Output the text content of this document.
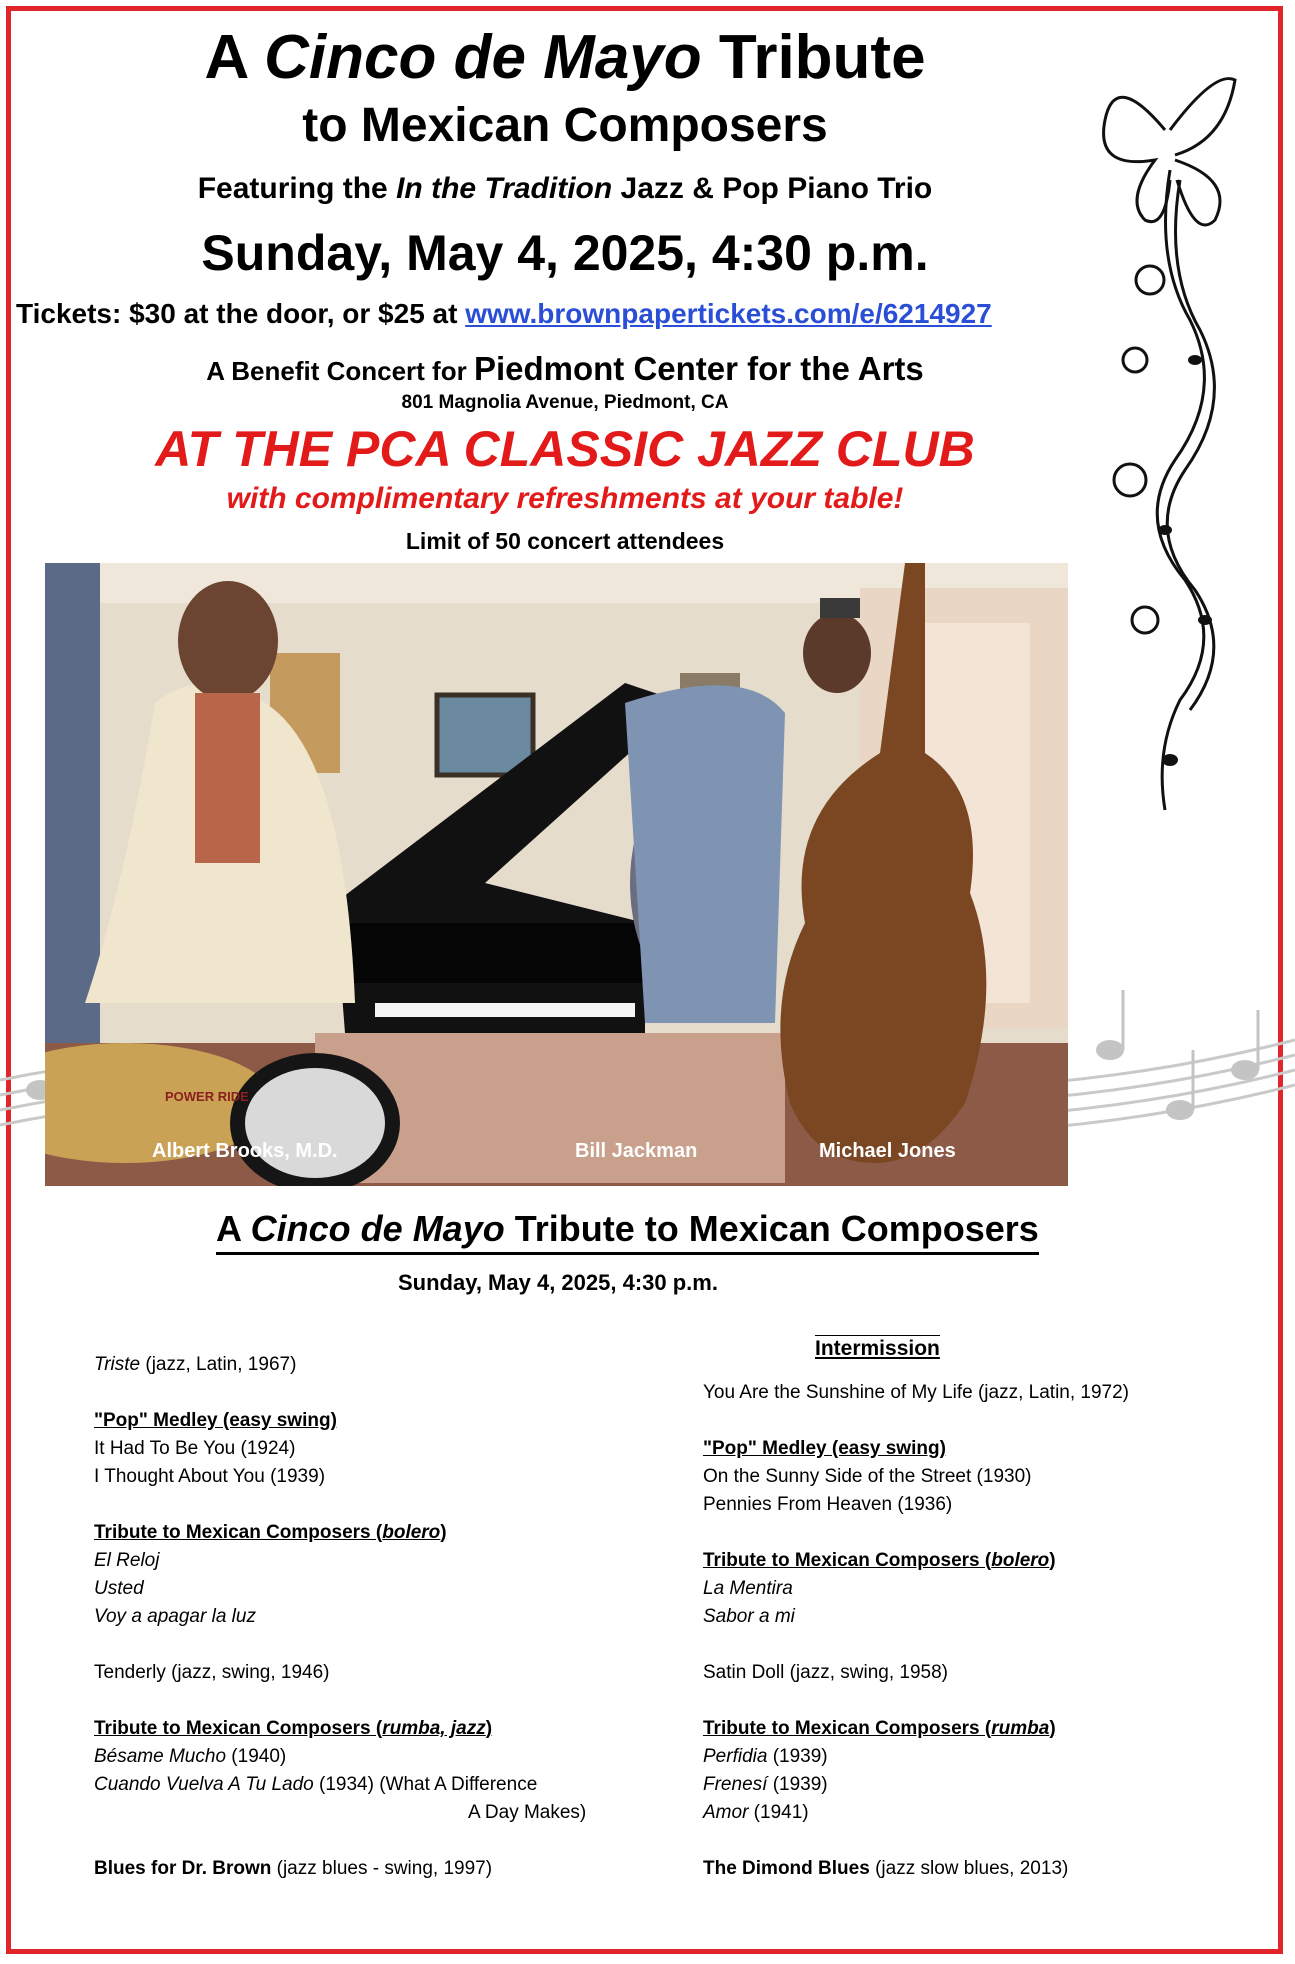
A Cinco de Mayo Tribute
to Mexican Composers
Featuring the In the Tradition Jazz & Pop Piano Trio
Sunday, May 4, 2025, 4:30 p.m.
Tickets: $30 at the door, or $25 at www.brownpapertickets.com/e/6214927
A Benefit Concert for Piedmont Center for the Arts
801 Magnolia Avenue, Piedmont, CA
AT THE PCA CLASSIC JAZZ CLUB
with complimentary refreshments at your table!
Limit of 50 concert attendees
POWER RIDE
Albert Brooks, M.D.	Bill Jackman	Michael Jones
A Cinco de Mayo Tribute to Mexican Composers
Sunday, May 4, 2025, 4:30 p.m.
Triste (jazz, Latin, 1967)
"Pop" Medley (easy swing)
It Had To Be You (1924)
I Thought About You (1939)
Tribute to Mexican Composers (bolero)
El Reloj
Usted
Voy a apagar la luz
Tenderly (jazz, swing, 1946)
Tribute to Mexican Composers (rumba, jazz)
Bésame Mucho (1940)
Cuando Vuelva A Tu Lado (1934) (What A Difference
A Day Makes)
Blues for Dr. Brown (jazz blues - swing, 1997)
Intermission
You Are the Sunshine of My Life (jazz, Latin, 1972)
"Pop" Medley (easy swing)
On the Sunny Side of the Street (1930)
Pennies From Heaven (1936)
Tribute to Mexican Composers (bolero)
La Mentira
Sabor a mi
Satin Doll (jazz, swing, 1958)
Tribute to Mexican Composers (rumba)
Perfidia (1939)
Frenesí (1939)
Amor (1941)
The Dimond Blues (jazz slow blues, 2013)
